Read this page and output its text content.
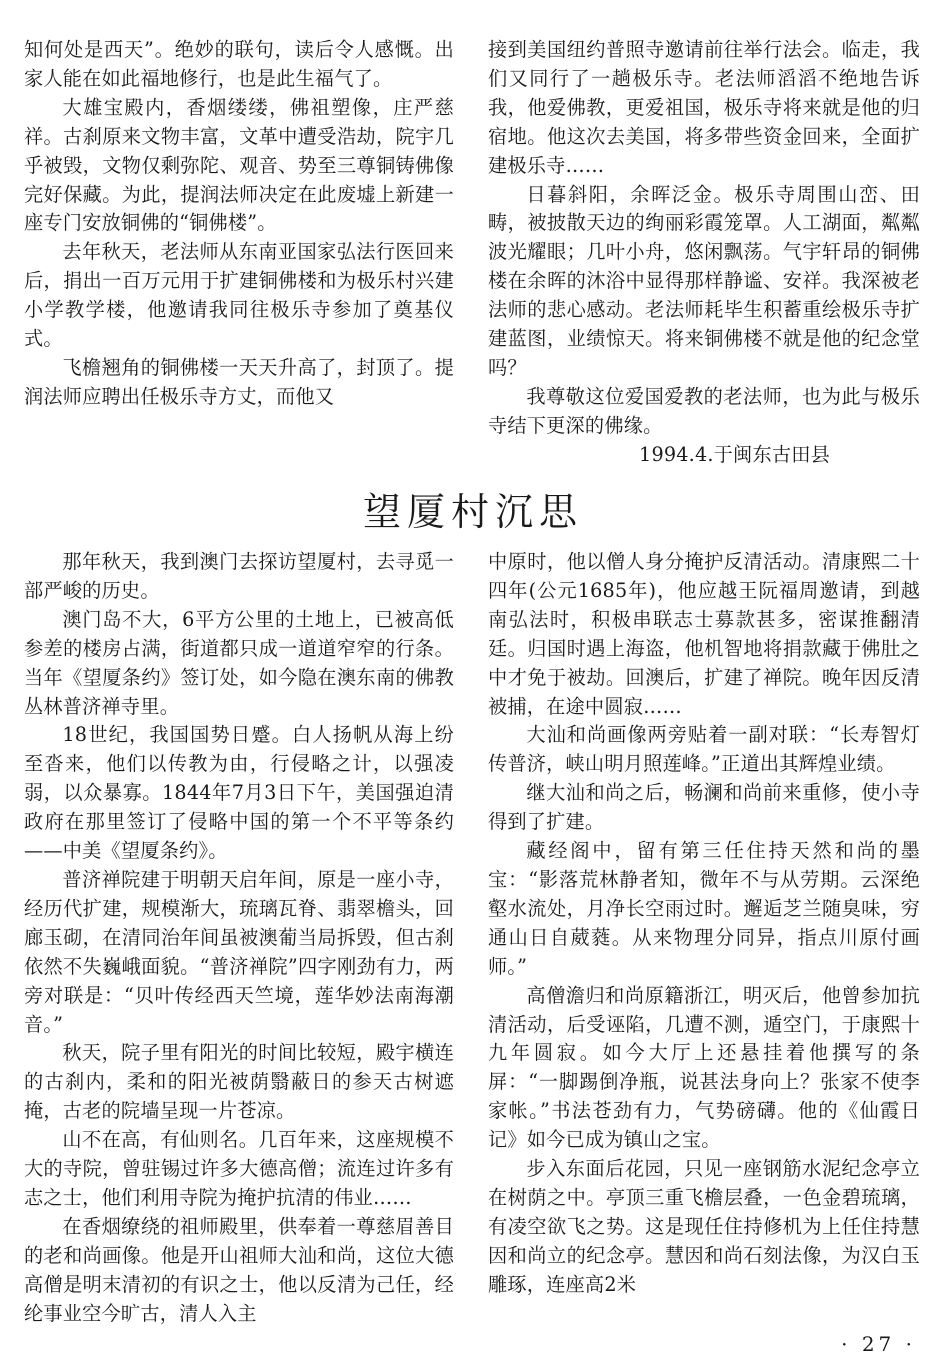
知何处是西天”。绝妙的联句，读后令人感慨。出家人能在如此福地修行，也是此生福气了。

大雄宝殿内，香烟缕缕，佛祖塑像，庄严慈祥。古刹原来文物丰富，文革中遭受浩劫，院宇几乎被毁，文物仅剩弥陀、观音、势至三尊铜铸佛像完好保藏。为此，提润法师决定在此废墟上新建一座专门安放铜佛的“铜佛楼”。

去年秋天，老法师从东南亚国家弘法行医回来后，捐出一百万元用于扩建铜佛楼和为极乐村兴建小学教学楼，他邀请我同往极乐寺参加了奠基仪式。

飞檐翘角的铜佛楼一天天升高了，封顶了。提润法师应聘出任极乐寺方丈，而他又

接到美国纽约普照寺邀请前往举行法会。临走，我们又同行了一趟极乐寺。老法师滔滔不绝地告诉我，他爱佛教，更爱祖国，极乐寺将来就是他的归宿地。他这次去美国，将多带些资金回来，全面扩建极乐寺……

日暮斜阳，余晖泛金。极乐寺周围山峦、田畴，被披散天边的绚丽彩霞笼罩。人工湖面，粼粼波光耀眼；几叶小舟，悠闲飘荡。气宇轩昂的铜佛楼在余晖的沐浴中显得那样静谧、安祥。我深被老法师的悲心感动。老法师耗毕生积蓄重绘极乐寺扩建蓝图，业绩惊天。将来铜佛楼不就是他的纪念堂吗？

我尊敬这位爱国爱教的老法师，也为此与极乐寺结下更深的佛缘。

1994.4.于闽东古田县

望厦村沉思

那年秋天，我到澳门去探访望厦村，去寻觅一部严峻的历史。

澳门岛不大，6平方公里的土地上，已被高低参差的楼房占满，街道都只成一道道窄窄的行条。当年《望厦条约》签订处，如今隐在澳东南的佛教丛林普济禅寺里。

18世纪，我国国势日蹙。白人扬帆从海上纷至沓来，他们以传教为由，行侵略之计，以强凌弱，以众暴寡。1844年7月3日下午，美国强迫清政府在那里签订了侵略中国的第一个不平等条约——中美《望厦条约》。

普济禅院建于明朝天启年间，原是一座小寺，经历代扩建，规模渐大，琉璃瓦脊、翡翠檐头，回廊玉砌，在清同治年间虽被澳葡当局拆毁，但古刹依然不失巍峨面貌。“普济禅院”四字刚劲有力，两旁对联是：“贝叶传经西天竺境，莲华妙法南海潮音。”

秋天，院子里有阳光的时间比较短，殿宇横连的古刹内，柔和的阳光被荫翳蔽日的参天古树遮掩，古老的院墙呈现一片苍凉。

山不在高，有仙则名。几百年来，这座规模不大的寺院，曾驻锡过许多大德高僧；流连过许多有志之士，他们利用寺院为掩护抗清的伟业……

在香烟缭绕的祖师殿里，供奉着一尊慈眉善目的老和尚画像。他是开山祖师大汕和尚，这位大德高僧是明末清初的有识之士，他以反清为己任，经纶事业空今旷古，清人入主

中原时，他以僧人身分掩护反清活动。清康熙二十四年(公元1685年)，他应越王阮福周邀请，到越南弘法时，积极串联志士募款甚多，密谋推翻清廷。归国时遇上海盗，他机智地将捐款藏于佛肚之中才免于被劫。回澳后，扩建了禅院。晚年因反清被捕，在途中圆寂……

大汕和尚画像两旁贴着一副对联：“长寿智灯传普济，峡山明月照莲峰。”正道出其辉煌业绩。

继大汕和尚之后，畅澜和尚前来重修，使小寺得到了扩建。

藏经阁中，留有第三任住持天然和尚的墨宝：“影落荒林静者知，微年不与从劳期。云深绝壑水流处，月净长空雨过时。邂逅芝兰随臭味，穷通山日自葳蕤。从来物理分同异，指点川原付画师。”

高僧澹归和尚原籍浙江，明灭后，他曾参加抗清活动，后受诬陷，几遭不测，遁空门，于康熙十九年圆寂。如今大厅上还悬挂着他撰写的条屏：“一脚踢倒净瓶，说甚法身向上？张家不使李家帐。”书法苍劲有力，气势磅礴。他的《仙霞日记》如今已成为镇山之宝。

步入东面后花园，只见一座钢筋水泥纪念亭立在树荫之中。亭顶三重飞檐层叠，一色金碧琉璃，有凌空欲飞之势。这是现任住持修机为上任住持慧因和尚立的纪念亭。慧因和尚石刻法像，为汉白玉雕琢，连座高2米

· 27 ·
